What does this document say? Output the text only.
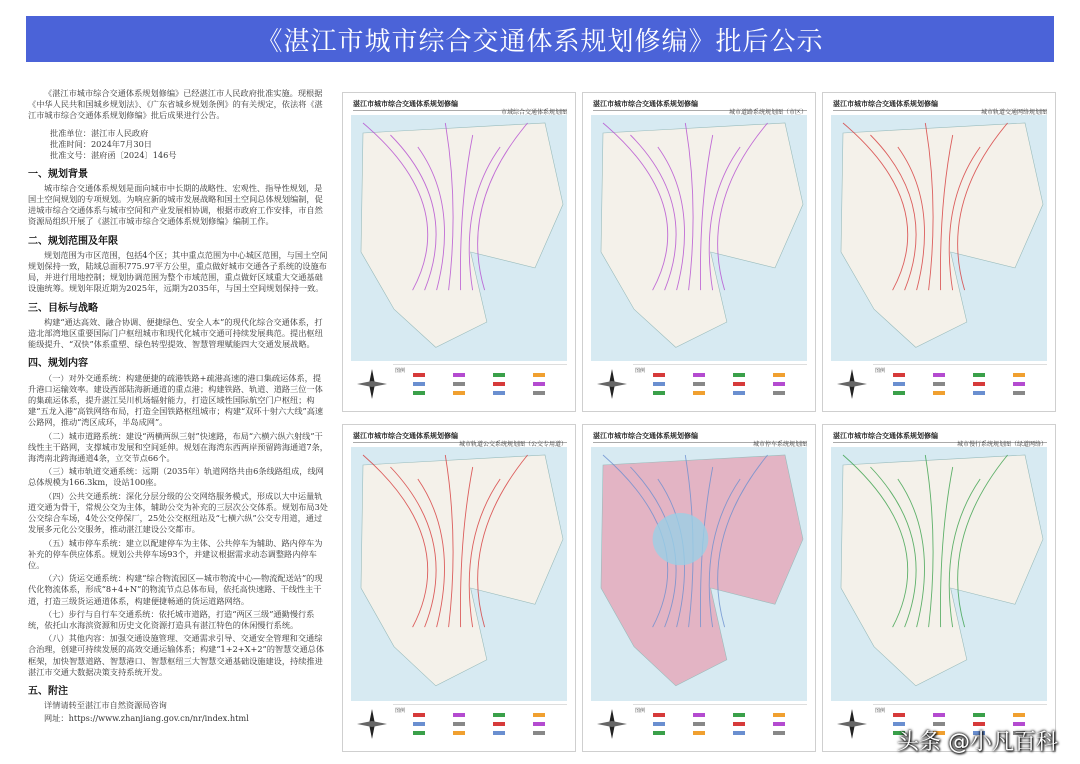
《湛江市城市综合交通体系规划修编》批后公示

《湛江市城市综合交通体系规划修编》已经湛江市人民政府批准实施。现根据《中华人民共和国城乡规划法》、《广东省城乡规划条例》的有关规定，依法将《湛江市城市综合交通体系规划修编》批后成果进行公告。

批准单位：湛江市人民政府
批准时间：2024年7月30日
批准文号：湛府函〔2024〕146号
一、规划背景

城市综合交通体系规划是面向城市中长期的战略性、宏观性、指导性规划，是国土空间规划的专项规划。为响应新的城市发展战略和国土空间总体规划编制，促进城市综合交通体系与城市空间和产业发展相协调，根据市政府工作安排，市自然资源局组织开展了《湛江市城市综合交通体系规划修编》编制工作。

二、规划范围及年限

规划范围为市区范围，包括4个区；其中重点范围为中心城区范围，与国土空间规划保持一致，陆域总面积775.97平方公里，重点做好城市交通各子系统的设施布局，并进行用地控制；规划协调范围为整个市域范围，重点做好区域重大交通基础设施统筹。规划年限近期为2025年，远期为2035年，与国土空间规划保持一致。

三、目标与战略

构建“通达高效、融合协调、便捷绿色、安全人本”的现代化综合交通体系，打造北部湾地区重要国际门户枢纽城市和现代化城市交通可持续发展典范。提出枢纽能级提升、“双快”体系重塑、绿色转型提效、智慧管理赋能四大交通发展战略。

四、规划内容

（一）对外交通系统：构建便捷的疏港铁路+疏港高速的港口集疏运体系，提升港口运输效率。建设西部陆海新通道的重点港；构建铁路、轨道、道路三位一体的集疏运体系，提升湛江吴川机场辐射能力，打造区域性国际航空门户枢纽；构建“五龙入港”高铁网络布局，打造全国铁路枢纽城市；构建“双环十射六大线”高速公路网，推动“湾区成环，半岛成网”。

（二）城市道路系统：建设“两横两纵三射”快速路，布局“六横六纵六射线”干线性主干路网，支撑城市发展和空间延伸。规划在海湾东西两岸预留跨海通道7条，海湾南北跨海通道4条，立交节点66个。

（三）城市轨道交通系统：远期（2035年）轨道网络共由6条线路组成，线网总体规模为166.3km，设站100座。

（四）公共交通系统：深化分层分级的公交网络服务模式，形成以大中运量轨道交通为骨干，常规公交为主体，辅助公交为补充的三层次公交体系。规划布局3处公交综合车场，4处公交停保厂，25处公交枢纽站及“七横六纵”公交专用道，通过发展多元化公交服务，推动湛江建设公交都市。

（五）城市停车系统：建立以配建停车为主体、公共停车为辅助、路内停车为补充的停车供应体系。规划公共停车场93个，并建议根据需求动态调整路内停车位。

（六）货运交通系统：构建“综合物流园区—城市物流中心—物流配送站”的现代化物流体系，形成“8+4+N”的物流节点总体布局，依托高快速路、干线性主干道，打造三级货运通道体系，构建便捷畅通的货运道路网络。

（七）步行与自行车交通系统：依托城市道路，打造“两区三级”通勤慢行系统，依托山水海滨资源和历史文化资源打造具有湛江特色的休闲慢行系统。

（八）其他内容：加强交通设施管理、交通需求引导、交通安全管理和交通综合治理，创建可持续发展的高效交通运输体系；构建“1+2+X+2”的智慧交通总体框架，加快智慧道路、智慧港口、智慧枢纽三大智慧交通基础设施建设，持续推进湛江市交通大数据决策支持系统开发。

五、附注

详情请转至湛江市自然资源局咨询

网址：https://www.zhanjiang.gov.cn/nr/index.html

湛江市城市综合交通体系规划修编
市域综合交通体系规划图
图例
湛江市城市综合交通体系规划修编
城市道路系统规划图（市区）
图例
湛江市城市综合交通体系规划修编
城市轨道交通网络规划图
图例
湛江市城市综合交通体系规划修编
城市轨道公交系统规划图（公交专用道）
图例
湛江市城市综合交通体系规划修编
城市停车系统规划图
图例
湛江市城市综合交通体系规划修编
城市慢行系统规划图（绿道网络）
图例
头条 @小凡百科
